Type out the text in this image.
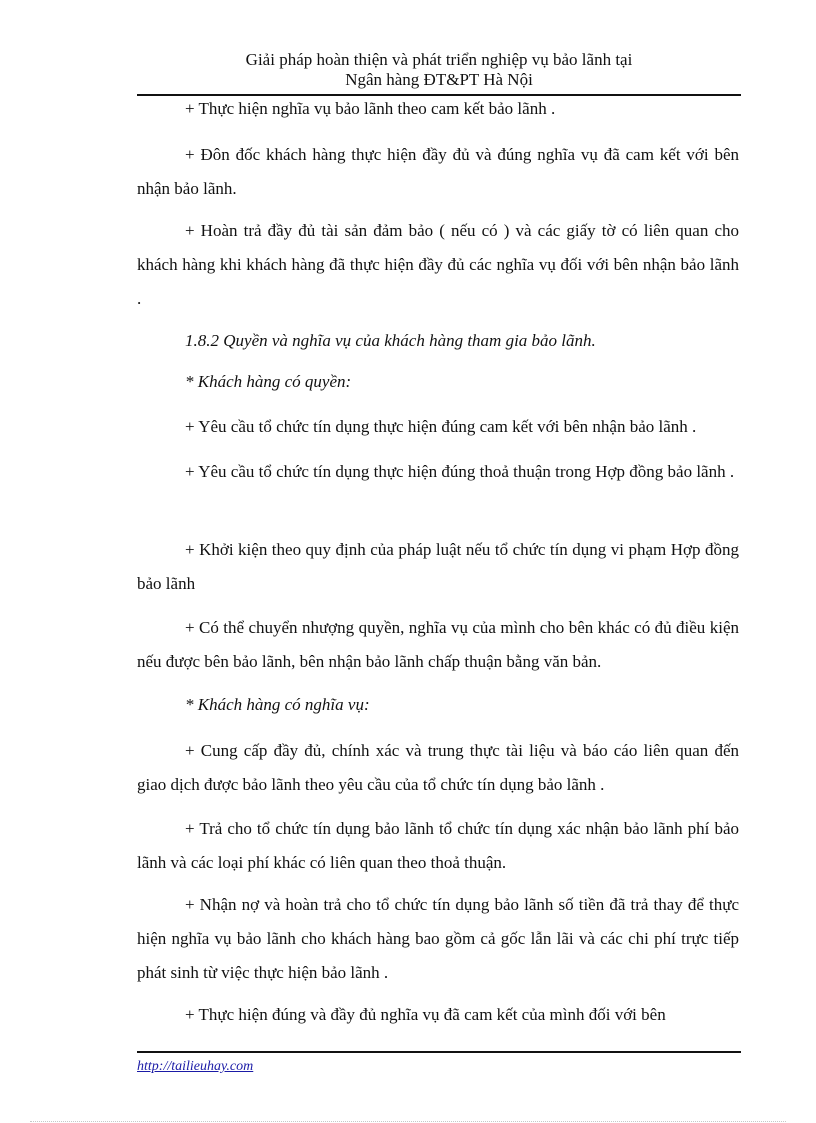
Giải pháp hoàn thiện và phát triển nghiệp vụ bảo lãnh tại
Ngân hàng ĐT&PT Hà Nội

+ Thực hiện nghĩa vụ bảo lãnh theo cam kết bảo lãnh .

+ Đôn đốc khách hàng thực hiện đầy đủ và đúng nghĩa vụ đã cam kết với bên nhận bảo lãnh.

+ Hoàn trả đầy đủ tài sản đảm bảo ( nếu có ) và các giấy tờ có liên quan cho khách hàng khi khách hàng đã thực hiện đầy đủ các nghĩa vụ đối với bên nhận bảo lãnh .

1.8.2 Quyền và nghĩa vụ của khách hàng tham gia bảo lãnh.

* Khách hàng có quyền:

+ Yêu cầu tổ chức tín dụng thực hiện đúng cam kết với bên nhận bảo lãnh .

+ Yêu cầu tổ chức tín dụng thực hiện đúng thoả thuận trong Hợp đồng bảo lãnh .

+ Khởi kiện theo quy định của pháp luật nếu tổ chức tín dụng vi phạm Hợp đồng bảo lãnh

+ Có thể chuyển nhượng quyền, nghĩa vụ của mình cho bên khác có đủ điều kiện nếu được bên bảo lãnh, bên nhận bảo lãnh chấp thuận bằng văn bản.

* Khách hàng có nghĩa vụ:

+ Cung cấp đầy đủ, chính xác và trung thực tài liệu và báo cáo liên quan đến giao dịch được bảo lãnh theo yêu cầu của tổ chức tín dụng bảo lãnh .

+ Trả cho tổ chức tín dụng bảo lãnh tổ chức tín dụng xác nhận bảo lãnh phí bảo lãnh và các loại phí khác có liên quan theo thoả thuận.

+ Nhận nợ và hoàn trả cho tổ chức tín dụng bảo lãnh số tiền đã trả thay để thực hiện nghĩa vụ bảo lãnh cho khách hàng bao gồm cả gốc lẫn lãi và các chi phí trực tiếp phát sinh từ việc thực hiện bảo lãnh .

+ Thực hiện đúng và đầy đủ nghĩa vụ đã cam kết của mình đối với bên

http://tailieuhay.com
